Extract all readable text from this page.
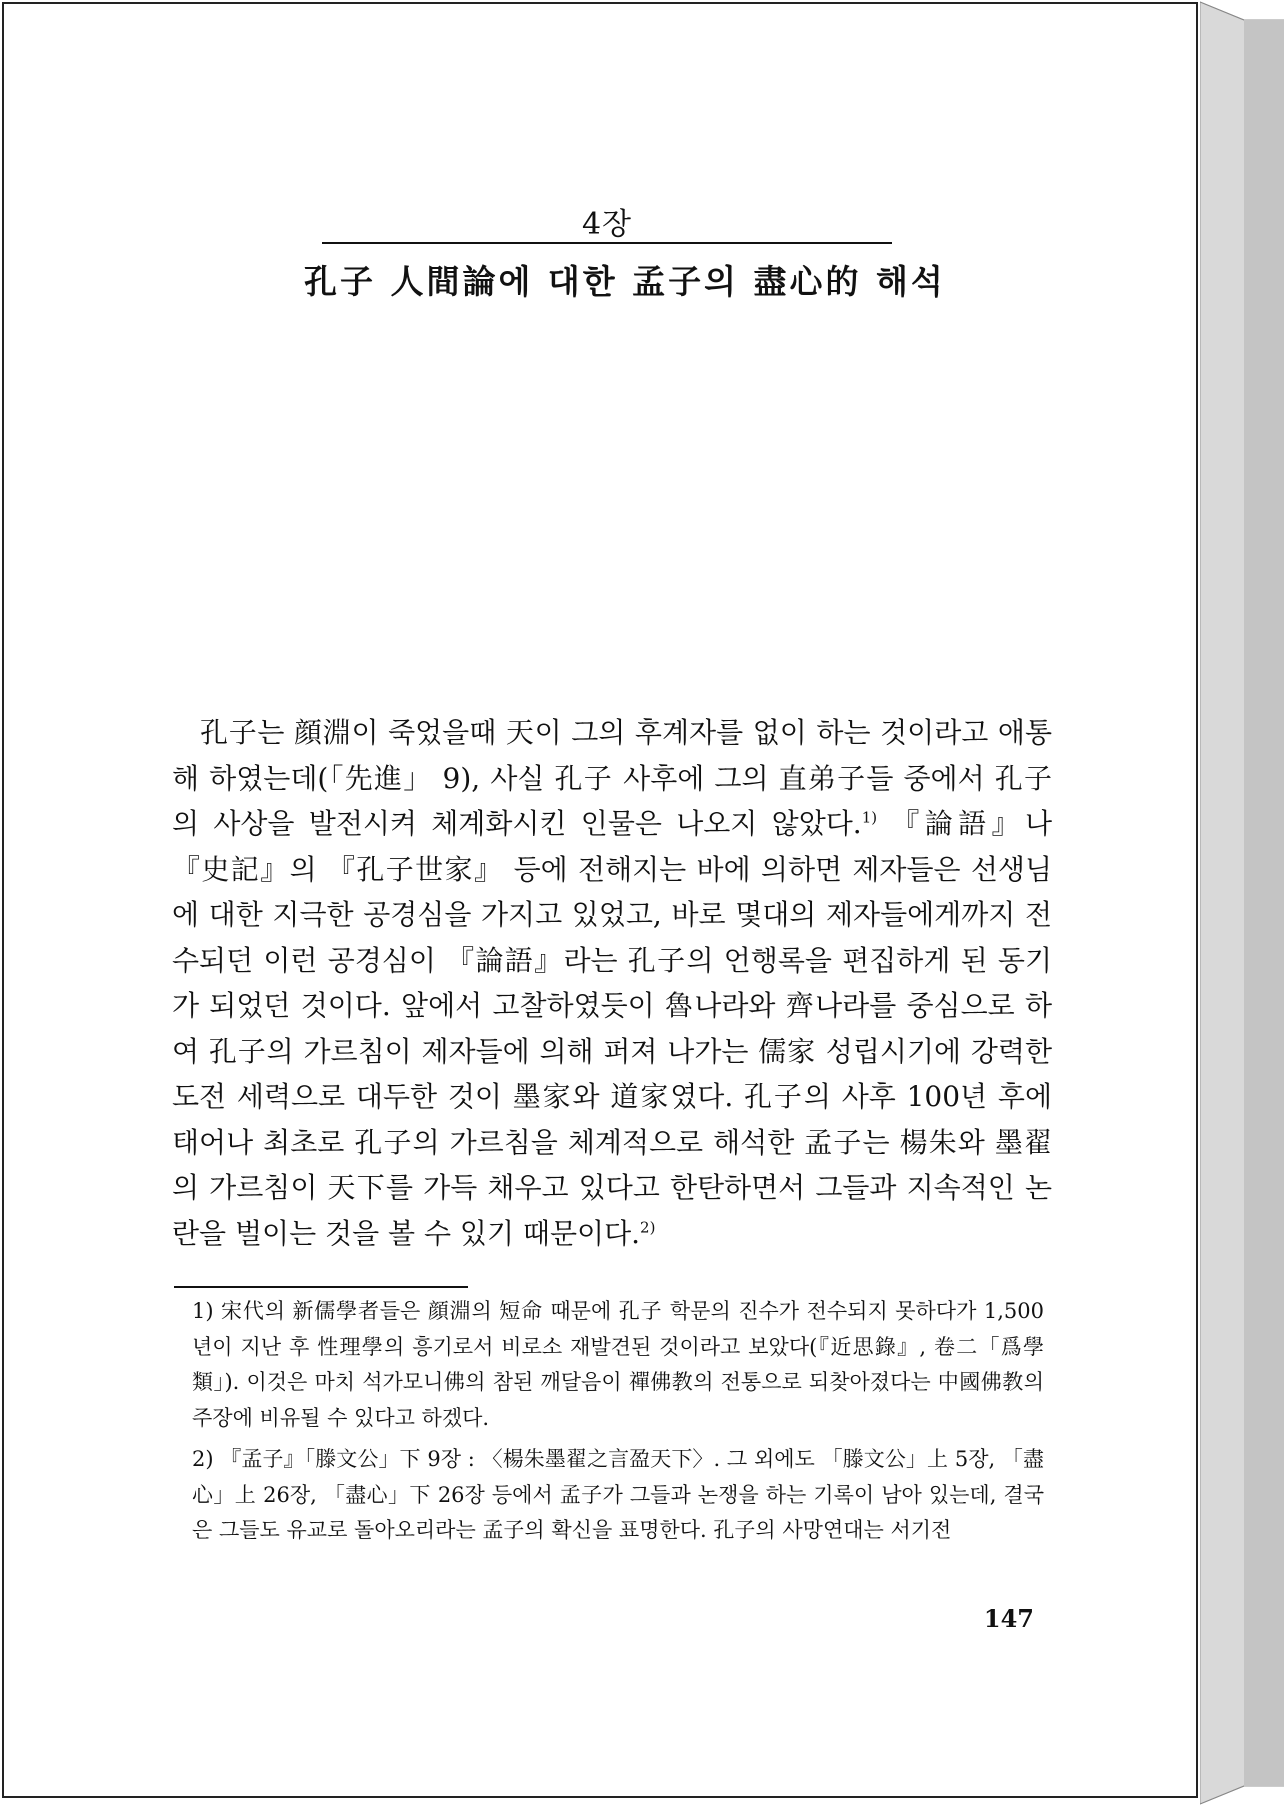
4장
孔子 人間論에 대한 孟子의 盡心的 해석

孔子는 顔淵이 죽었을때 天이 그의 후계자를 없이 하는 것이라고 애통해 하였는데(「先進」 9), 사실 孔子 사후에 그의 直弟子들 중에서 孔子의 사상을 발전시켜 체계화시킨 인물은 나오지 않았다.$^{1)}$ 『論語』나 『史記』의 『孔子世家』 등에 전해지는 바에 의하면 제자들은 선생님에 대한 지극한 공경심을 가지고 있었고, 바로 몇대의 제자들에게까지 전수되던 이런 공경심이 『論語』라는 孔子의 언행록을 편집하게 된 동기가 되었던 것이다. 앞에서 고찰하였듯이 魯나라와 齊나라를 중심으로 하여 孔子의 가르침이 제자들에 의해 퍼져 나가는 儒家 성립시기에 강력한 도전 세력으로 대두한 것이 墨家와 道家였다. 孔子의 사후 100년 후에 태어나 최초로 孔子의 가르침을 체계적으로 해석한 孟子는 楊朱와 墨翟의 가르침이 天下를 가득 채우고 있다고 한탄하면서 그들과 지속적인 논란을 벌이는 것을 볼 수 있기 때문이다.$^{2)}$

1) 宋代의 新儒學者들은 顔淵의 短命 때문에 孔子 학문의 진수가 전수되지 못하다가 1,500년이 지난 후 性理學의 흥기로서 비로소 재발견된 것이라고 보았다(『近思錄』, 卷二「爲學類」). 이것은 마치 석가모니佛의 참된 깨달음이 禪佛教의 전통으로 되찾아졌다는 中國佛教의 주장에 비유될 수 있다고 하겠다.
2) 『孟子』「滕文公」下 9장 : 〈楊朱墨翟之言盈天下〉. 그 외에도 「滕文公」上 5장, 「盡心」上 26장, 「盡心」下 26장 등에서 孟子가 그들과 논쟁을 하는 기록이 남아 있는데, 결국은 그들도 유교로 돌아오리라는 孟子의 확신을 표명한다. 孔子의 사망연대는 서기전
147
